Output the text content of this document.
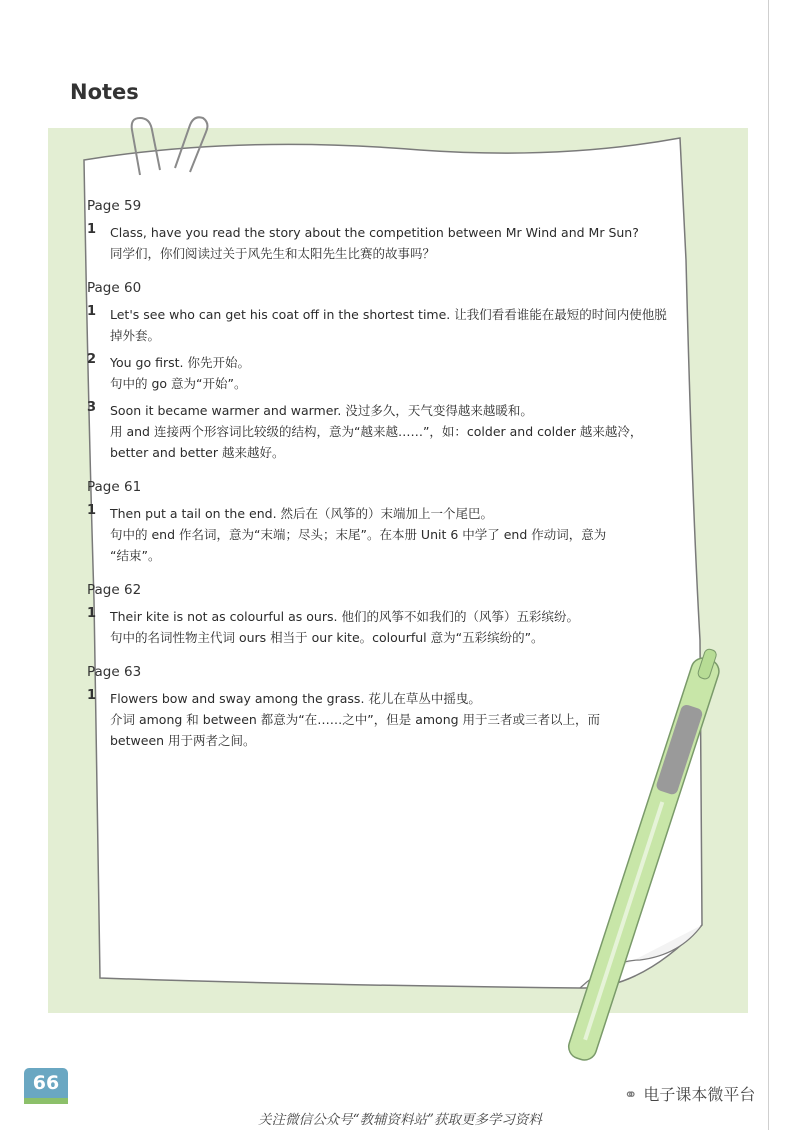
Notes
Page 59
1 Class, have you read the story about the competition between Mr Wind and Mr Sun?
同学们，你们阅读过关于风先生和太阳先生比赛的故事吗？
Page 60
1 Let's see who can get his coat off in the shortest time. 让我们看看谁能在最短的时间内使他脱
掉外套。
2 You go first. 你先开始。
句中的 go 意为“开始”。
3 Soon it became warmer and warmer. 没过多久，天气变得越来越暖和。
用 and 连接两个形容词比较级的结构，意为“越来越……”，如：colder and colder 越来越冷，
better and better 越来越好。
Page 61
1 Then put a tail on the end. 然后在（风筝的）末端加上一个尾巴。
句中的 end 作名词，意为“末端；尽头；末尾”。在本册 Unit 6 中学了 end 作动词，意为
“结束”。
Page 62
1 Their kite is not as colourful as ours. 他们的风筝不如我们的（风筝）五彩缤纷。
句中的名词性物主代词 ours 相当于 our kite。colourful 意为“五彩缤纷的”。
Page 63
1 Flowers bow and sway among the grass. 花儿在草丛中摇曳。
介词 among 和 between 都意为“在……之中”，但是 among 用于三者或三者以上，而
between 用于两者之间。
66
⚭ 电子课本微平台
关注微信公众号“教辅资料站”获取更多学习资料
